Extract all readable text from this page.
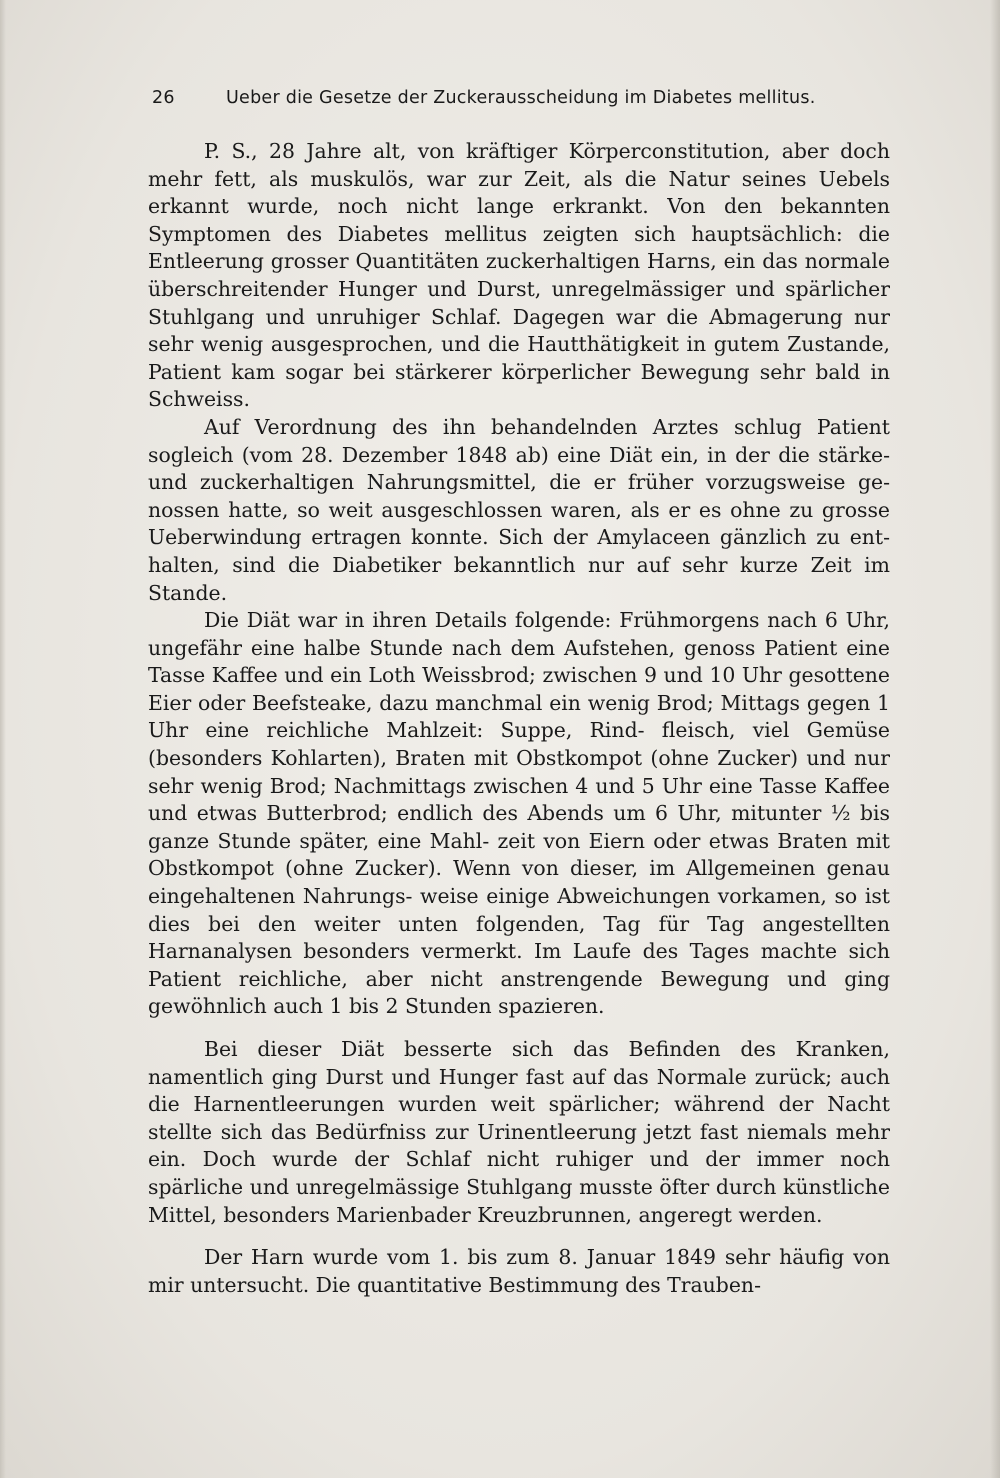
26	Ueber die Gesetze der Zuckerausscheidung im Diabetes mellitus.

P. S., 28 Jahre alt, von kräftiger Körperconstitution, aber doch mehr fett, als muskulös, war zur Zeit, als die Natur seines Uebels erkannt wurde, noch nicht lange erkrankt. Von den bekannten Symptomen des Diabetes mellitus zeigten sich hauptsächlich: die Entleerung grosser Quantitäten zuckerhaltigen Harns, ein das normale überschreitender Hunger und Durst, unregelmässiger und spärlicher Stuhlgang und unruhiger Schlaf. Dagegen war die Abmagerung nur sehr wenig ausgesprochen, und die Hautthätigkeit in gutem Zustande, Patient kam sogar bei stärkerer körperlicher Bewegung sehr bald in Schweiss.

Auf Verordnung des ihn behandelnden Arztes schlug Patient sogleich (vom 28. Dezember 1848 ab) eine Diät ein, in der die stärke- und zuckerhaltigen Nahrungsmittel, die er früher vorzugsweise ge- nossen hatte, so weit ausgeschlossen waren, als er es ohne zu grosse Ueberwindung ertragen konnte. Sich der Amylaceen gänzlich zu ent- halten, sind die Diabetiker bekanntlich nur auf sehr kurze Zeit im Stande.

Die Diät war in ihren Details folgende: Frühmorgens nach 6 Uhr, ungefähr eine halbe Stunde nach dem Aufstehen, genoss Patient eine Tasse Kaffee und ein Loth Weissbrod; zwischen 9 und 10 Uhr gesottene Eier oder Beefsteake, dazu manchmal ein wenig Brod; Mittags gegen 1 Uhr eine reichliche Mahlzeit: Suppe, Rind- fleisch, viel Gemüse (besonders Kohlarten), Braten mit Obstkompot (ohne Zucker) und nur sehr wenig Brod; Nachmittags zwischen 4 und 5 Uhr eine Tasse Kaffee und etwas Butterbrod; endlich des Abends um 6 Uhr, mitunter ½ bis ganze Stunde später, eine Mahl- zeit von Eiern oder etwas Braten mit Obstkompot (ohne Zucker). Wenn von dieser, im Allgemeinen genau eingehaltenen Nahrungs- weise einige Abweichungen vorkamen, so ist dies bei den weiter unten folgenden, Tag für Tag angestellten Harnanalysen besonders vermerkt. Im Laufe des Tages machte sich Patient reichliche, aber nicht anstrengende Bewegung und ging gewöhnlich auch 1 bis 2 Stunden spazieren.

Bei dieser Diät besserte sich das Befinden des Kranken, namentlich ging Durst und Hunger fast auf das Normale zurück; auch die Harnentleerungen wurden weit spärlicher; während der Nacht stellte sich das Bedürfniss zur Urinentleerung jetzt fast niemals mehr ein. Doch wurde der Schlaf nicht ruhiger und der immer noch spärliche und unregelmässige Stuhlgang musste öfter durch künstliche Mittel, besonders Marienbader Kreuzbrunnen, angeregt werden.

Der Harn wurde vom 1. bis zum 8. Januar 1849 sehr häufig von mir untersucht. Die quantitative Bestimmung des Trauben-
